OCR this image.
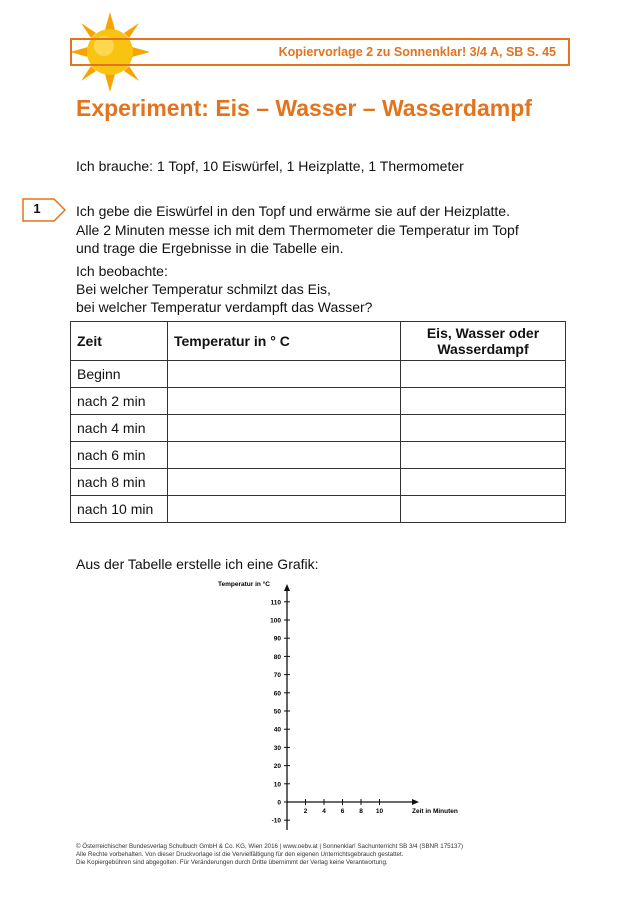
Kopiervorlage 2 zu Sonnenklar! 3/4 A, SB S. 45
Experiment: Eis – Wasser – Wasserdampf
Ich brauche: 1 Topf, 10 Eiswürfel, 1 Heizplatte, 1 Thermometer
1	Ich gebe die Eiswürfel in den Topf und erwärme sie auf der Heizplatte.
Alle 2 Minuten messe ich mit dem Thermometer die Temperatur im Topf
und trage die Ergebnisse in die Tabelle ein.
Ich beobachte:
Bei welcher Temperatur schmilzt das Eis,
bei welcher Temperatur verdampft das Wasser?
Zeit	Temperatur in ° C	Eis, Wasser oder Wasserdampf
Beginn		
nach 2 min		
nach 4 min		
nach 6 min		
nach 8 min		
nach 10 min		
Aus der Tabelle erstelle ich eine Grafik:
Temperatur in °C
Zeit in Minuten
110
100
90
80
70
60
50
40
30
20
10
0
-10
2 4 6 8 10
© Österreichischer Bundesverlag Schulbuch GmbH & Co. KG, Wien 2016 | www.oebv.at | Sonnenklar! Sachunterricht SB 3/4 (SBNR 175137)
Alle Rechte vorbehalten. Von dieser Druckvorlage ist die Vervielfältigung für den eigenen Unterrichtsgebrauch gestattet.
Die Kopiergebühren sind abgegolten. Für Veränderungen durch Dritte übernimmt der Verlag keine Verantwortung.
